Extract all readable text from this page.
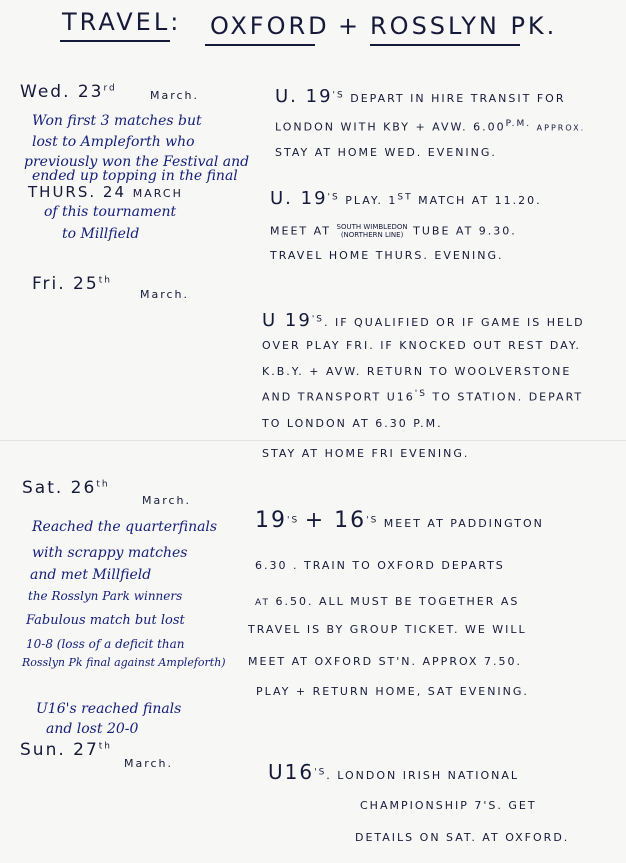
TRAVEL: OXFORD + ROSSLYN PK.
Wed. 23rd
March.
Won first 3 matches but
lost to Ampleforth who
previously won the Festival and
ended up topping in the final
U. $19^{'S}$ DEPART IN HIRE TRANSIT FOR
LONDON WITH KBY + AVW. $6.00^{P.M.}$ APPROX.
STAY AT HOME WED. EVENING.
THURS. 24 MARCH
of this tournament
to Millfield
U. $19^{'S}$ PLAY. 1ST MATCH AT 11.20.
MEET AT SOUTH WIMBLEDON
(NORTHERN LINE) TUBE AT 9.30.
TRAVEL HOME THURS. EVENING.
Fri. 25th
March.
U $19^{'S}$. IF QUALIFIED OR IF GAME IS HELD
OVER PLAY FRI. IF KNOCKED OUT REST DAY.
K.B.Y. + AVW. RETURN TO WOOLVERSTONE
AND TRANSPORT $U16^{'S}$ TO STATION. DEPART
TO LONDON AT 6.30 P.M.
STAY AT HOME FRI EVENING.
Sat. 26th
March.
Reached the quarterfinals
with scrappy matches
and met Millfield
the Rosslyn Park winners
Fabulous match but lost
10-8 (loss of a deficit than
Rosslyn Pk final against Ampleforth)
$19^{'S} + 16^{'S}$ MEET AT PADDINGTON
6.30 . TRAIN TO OXFORD DEPARTS
AT 6.50. ALL MUST BE TOGETHER AS
TRAVEL IS BY GROUP TICKET. WE WILL
MEET AT OXFORD ST'N. APPROX 7.50.
PLAY + RETURN HOME, SAT EVENING.
U16's reached finals
and lost 20-0
Sun. 27th
March.	$U16^{'S}$. LONDON IRISH NATIONAL
CHAMPIONSHIP 7'S. GET
DETAILS ON SAT. AT OXFORD.
